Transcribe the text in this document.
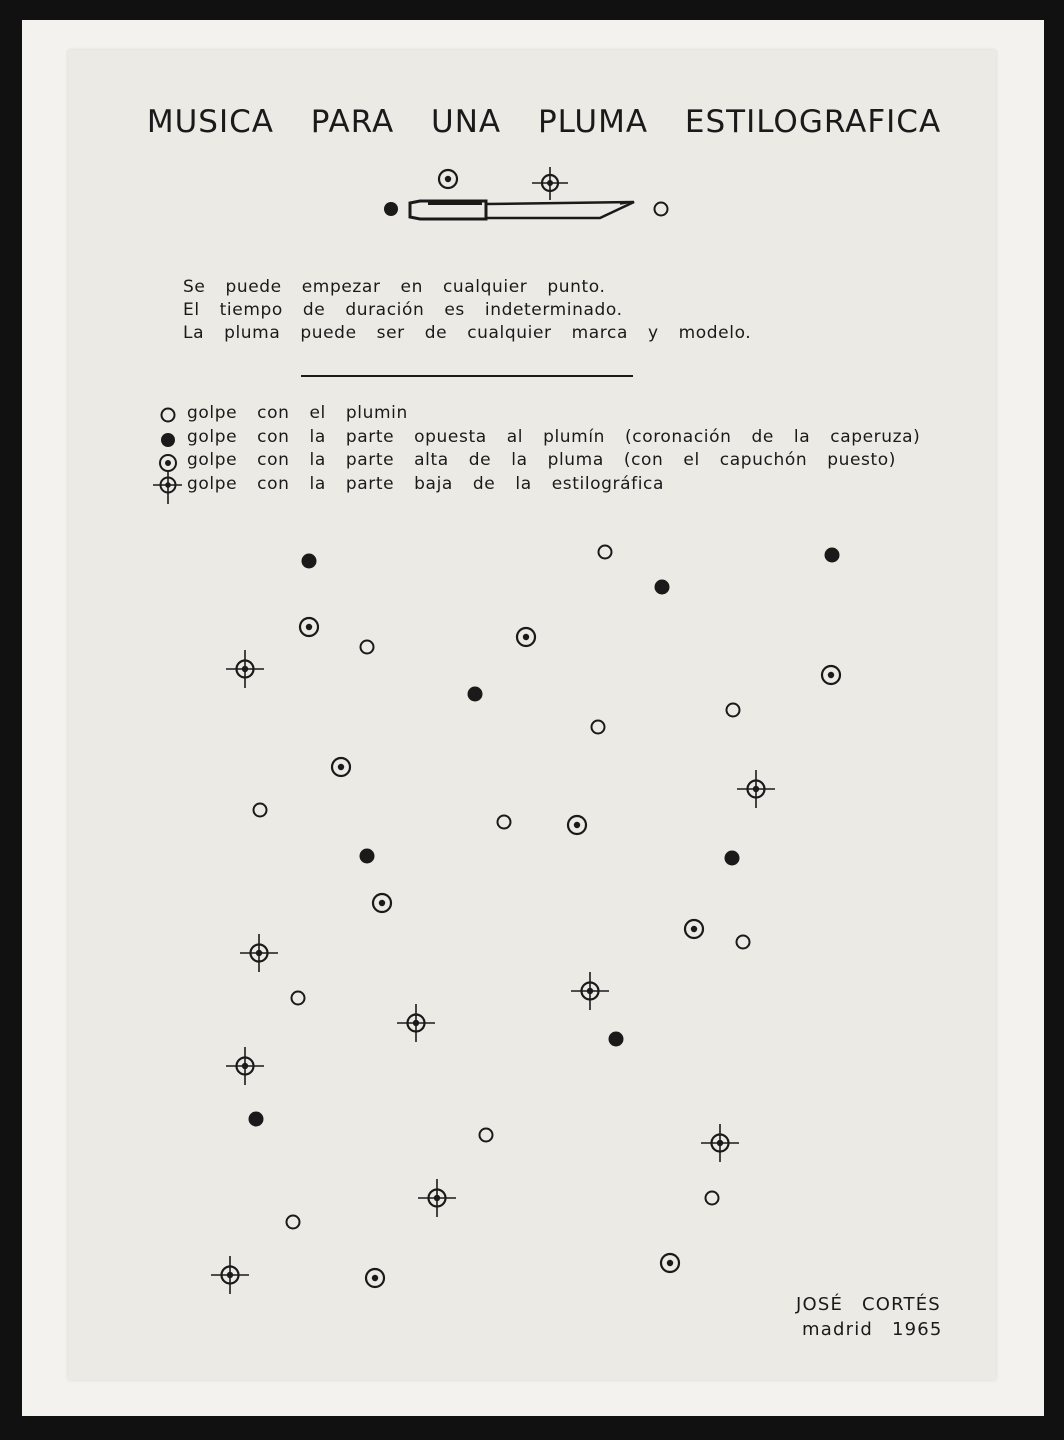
MUSICA PARA UNA PLUMA ESTILOGRAFICA
Se puede empezar en cualquier punto.
El tiempo de duración es indeterminado.
La pluma puede ser de cualquier marca y modelo.
golpe con el plumin
golpe con la parte opuesta al plumín (coronación de la caperuza)
golpe con la parte alta de la pluma (con el capuchón puesto)
golpe con la parte baja de la estilográfica
JOSÉ CORTÉS
madrid 1965
